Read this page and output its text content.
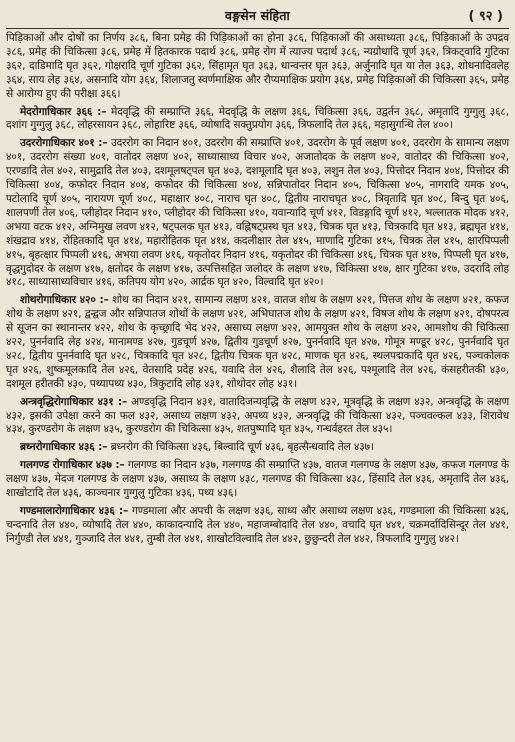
वङ्गसेन संहिता	( ९२ )

पिड़िकाओं और दोषों का निर्णय ३८६, बिना प्रमेह की पिड़िकाओं का होना ३८६, पिड़िकाओं की असाध्यता ३८६, पिड़िकाओं के उपद्रव ३८६, प्रमेह की चिकित्सा ३८६, प्रमेह में हितकारक पदार्थ ३८६, प्रमेह रोग में त्याज्य पदार्थ ३८६, न्यग्रोधादि चूर्ण ३६२, त्रिकट्वादि गुटिका ३६२, दाडिमादि घृत ३६२, गोक्षरादि चूर्ण गुटिका ३६२, सिंहामृत घृत ३६३, धान्वन्तर घृत ३६३, अर्जुनादि घृत या तेल ३६३, शोधनादिवलेह ३६४, साय लेह ३६४, असनादि योग ३६४, शिलाजतु स्वर्णमाक्षिक और रौप्यमाक्षिक प्रयोग ३६४, प्रमेह पिड़िकाओं की चिकित्सा ३६५, प्रमेह से आरोग्य हुए की परीक्षा ३६६।

मेदरोगाधिकार ३६६ :– मेदवृद्धि की सम्प्राप्ति ३६६, मेदवृद्धि के लक्षण ३६६, चिकित्सा ३६६, उद्वर्तन ३६८, अमृतादि गुग्गुलु ३६८, दशांग गुग्गुलु ३६८, लोहरसायन ३६८, लोहारिष्ट ३६६, व्योषादि सक्तुप्रयोग ३६६, त्रिफलादि तेल ३६६, महासुगन्धि तेल ४००।

उदररोगाधिकार ४०१ :– उदररोग का निदान ४०१, उदररोग की सम्प्राप्ति ४०१, उदररोग के पूर्व लक्षण ४०१, उदररोग के सामान्य लक्षण ४०१, उदररोग संख्या ४०१, वातोदर लक्षण ४०२, साध्यासाध्य विचार ४०२, अजातोदक के लक्षण ४०२, वातोदर की चिकित्सा ४०२, एरण्डादि तेल ४०२, सामुद्रादि तेल ४०३, दशमूलषट्पल घृत ४०३, दशमूलादि घृत ४०३, लशुन तेल ४०३, पित्तोदर निदान ४०४, पित्तोदर की चिकित्सा ४०४, कफोदर निदान ४०४, कफोदर की चिकित्सा ४०४, सन्निपातोदर निदान ४०५, चिकित्सा ४०५, नागरादि यमक ४०५, पटोलादि चूर्ण ४०५, नारायण चूर्ण ४०८, महाक्षार ४०८, नाराच घृत ४०८, द्वितीय नाराचघृत ४०८, त्रिवृतादि घृत ४०८, बिन्दु घृत ४०६, शालपर्णी तेल ४०६, प्लीहोदर निदान ४१०, प्लीहोदर की चिकित्सा ४१०, यवान्यादि चूर्ण ४१२, विडङ्गादि चूर्ण ४१२, भल्लातक मोदक ४१२, अभया वटक ४१२, अग्निमुख लवण ४१२, षट्पलक घृत ४१३, वह्निषट्प्रस्थ घृत ४१३, चित्रक घृत ४१३, चित्रकादि घृत ४१३, ब्रह्मघृत ४१४, शंखद्राव ४१४, रोहितकादि घृत ४१४, महारोहितक घृत ४१४, कदलीक्षार तेल ४१५, माणादि गुटिका ४१५, चित्रक तेल ४१५, क्षारपिप्पली ४१५, बृहत्क्षार पिप्पली ४१६, अभया लवण ४१६, यकृतोदर निदान ४१६, यकृतोदर की चिकित्सा ४१६, चित्रक घृत ४१७, पिप्पली घृत ४१७, वृद्धगुदोदर के लक्षण ४१७, क्षतोदर के लक्षण ४१७, उत्पत्तिसहित जलोदर के लक्षण ४१७, चिकित्सा ४१७, क्षार गुटिका ४१७, उदरादि लोह ४१८, साध्यासाध्यविचार ४१६, कतिपय योग ४२०, आर्द्रक घृत ४२०, विल्वादि घृत ४२०।

शोथरोगाधिकार ४२० :– शोथ का निदान ४२१, सामान्य लक्षण ४२१, वातज शोथ के लक्षण ४२१, पित्तज शोथ के लक्षण ४२१, कफज शोथ के लक्षण ४२१, द्वन्द्वज और सन्निपातज शोथों के लक्षण ४२१, अभिघातज शोथ के लक्षण ४२१, विषज शोथ के लक्षण ४२१, दोषपरत्व से सूजन का स्थानान्तर ४२२, शोथ के कृच्छ्रादि भेद ४२२, असाध्य लक्षण ४२२, आमयुक्त शोथ के लक्षण ४२२, आमशोथ की चिकित्सा ४२२, पुनर्नवादि लेह ४२४, मानामण्ड ४२७, गुडचूर्ण ४२७, द्वितीय गुडचूर्ण ४२७, पुनर्नवादि घृत ४२७, गोमूत्र मण्डूर ४२८, पुनर्नवादि घृत ४२८, द्वितीय पुनर्नवादि घृत ४२८, चित्रकादि घृत ४२८, द्वितीय चित्रक घृत ४२८, माणक घृत ४२६, स्थलपद्मकादि घृत ४२६, पञ्चकोलक घृत ४२६, शुष्कमूलकादि तेल ४२६, वेतसादि प्रदेह ४२६, यवादि तेल ४२६, शैलादि तेल ४२६, पश्मूलादि तेल ४२६, कंसहरीतकी ४३०, दशमूल हरीतकी ४३०, पथ्यापथ्य ४३०, त्रिकुटादि लोह ४३१, शोथोदर लोह ४३१।

अन्त्रवृद्धिरोगाधिकार ४३१ :– अण्डवृद्धि निदान ४३१, वातादिजन्यवृद्धि के लक्षण ४३२, मूत्रवृद्धि के लक्षण ४३२, अन्त्रवृद्धि के लक्षण ४३२, इसकी उपेक्षा करने का फल ४३२, असाध्य लक्षण ४३२, अपथ्य ४३२, अन्त्रवृद्धि की चिकित्सा ४३२, पञ्चवल्कल ४३३, शिरावेध ४३४, कुरण्डरोग के लक्षण ४३५, कुरण्डरोग की चिकित्सा ४३५, शतपुष्पादि घृत ४३५, गन्धर्वहरत तेल ४३५।

ब्रध्नरोगाधिकार ४३६ :– ब्रध्नरोग की चिकित्सा ४३६, बिल्वादि चूर्ण ४३६, बृहत्सैन्धवादि तेल ४३७।

गलगण्ड रोगाधिकार ४३७ :– गलगण्ड का निदान ४३७, गलगण्ड की सम्प्राप्ति ४३७, वातज गलगण्ड के लक्षण ४३७, कफज गलगण्ड के लक्षण ४३७, मेदज गलगण्ड के लक्षण ४३७, असाध्य के लक्षण ४३८, गलगण्ड की चिकित्सा ४३८, हिंसादि तेल ४३६, अमृतादि तेल ४३६, शाखोटादि तेल ४३६, काञ्चनार गुग्गुलु गुटिका ४३६, पथ्य ४३६।

गण्डमालारोगाधिकार ४३६ :– गण्डमाला और अपची के लक्षण ४३६, साध्य और असाध्य लक्षण ४३६, गण्डमाला की चिकित्सा ४३६, चन्दनादि तेल ४४०, व्योषादि तेल ४४०, काकादन्यादि तेल ४४०, महाजम्बोदादि तेल ४४०, वचादि घृत ४४१, चक्रमर्दादिसिन्दूर तेल ४४१, निर्गुण्डी तेल ४४१, गुञ्जादि तेल ४४१, तुम्बी तेल ४४१, शाखोटविल्वादि तेल ४४२, छुछुन्दरी तेल ४४२, त्रिफलादि गुग्गुलु ४४२।
